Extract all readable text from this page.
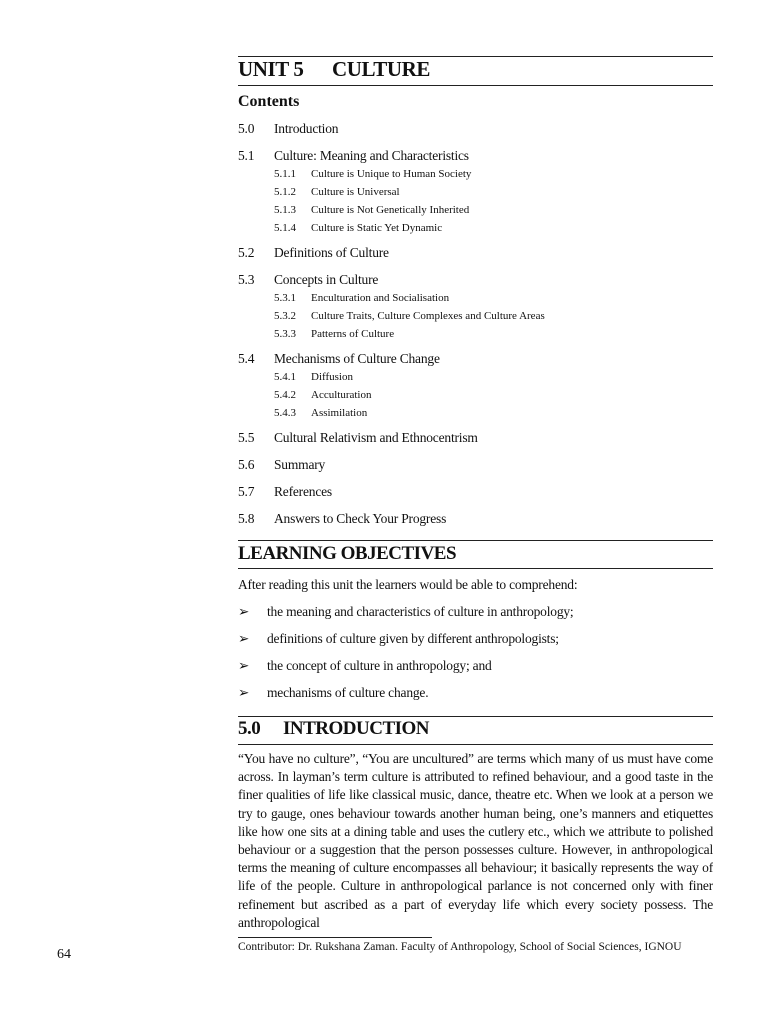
UNIT 5 CULTURE
Contents
5.0	Introduction
5.1	Culture: Meaning and Characteristics
5.1.1	Culture is Unique to Human Society
5.1.2	Culture is Universal
5.1.3	Culture is Not Genetically Inherited
5.1.4	Culture is Static Yet Dynamic
5.2	Definitions of Culture
5.3	Concepts in Culture
5.3.1	Enculturation and Socialisation
5.3.2	Culture Traits, Culture Complexes and Culture Areas
5.3.3	Patterns of Culture
5.4	Mechanisms of Culture Change
5.4.1	Diffusion
5.4.2	Acculturation
5.4.3	Assimilation
5.5	Cultural Relativism and Ethnocentrism
5.6	Summary
5.7	References
5.8	Answers to Check Your Progress
LEARNING OBJECTIVES
After reading this unit the learners would be able to comprehend:
➢	the meaning and characteristics of culture in anthropology;
➢	definitions of culture given by different anthropologists;
➢	the concept of culture in anthropology; and
➢	mechanisms of culture change.
5.0 INTRODUCTION
“You have no culture”, “You are uncultured” are terms which many of us must have come across. In layman’s term culture is attributed to refined behaviour, and a good taste in the finer qualities of life like classical music, dance, theatre etc. When we look at a person we try to gauge, ones behaviour towards another human being, one’s manners and etiquettes like how one sits at a dining table and uses the cutlery etc., which we attribute to polished behaviour or a suggestion that the person possesses culture. However, in anthropological terms the meaning of culture encompasses all behaviour; it basically represents the way of life of the people. Culture in anthropological parlance is not concerned only with finer refinement but ascribed as a part of everyday life which every society possess. The anthropological
Contributor: Dr. Rukshana Zaman. Faculty of Anthropology, School of Social Sciences, IGNOU
64
